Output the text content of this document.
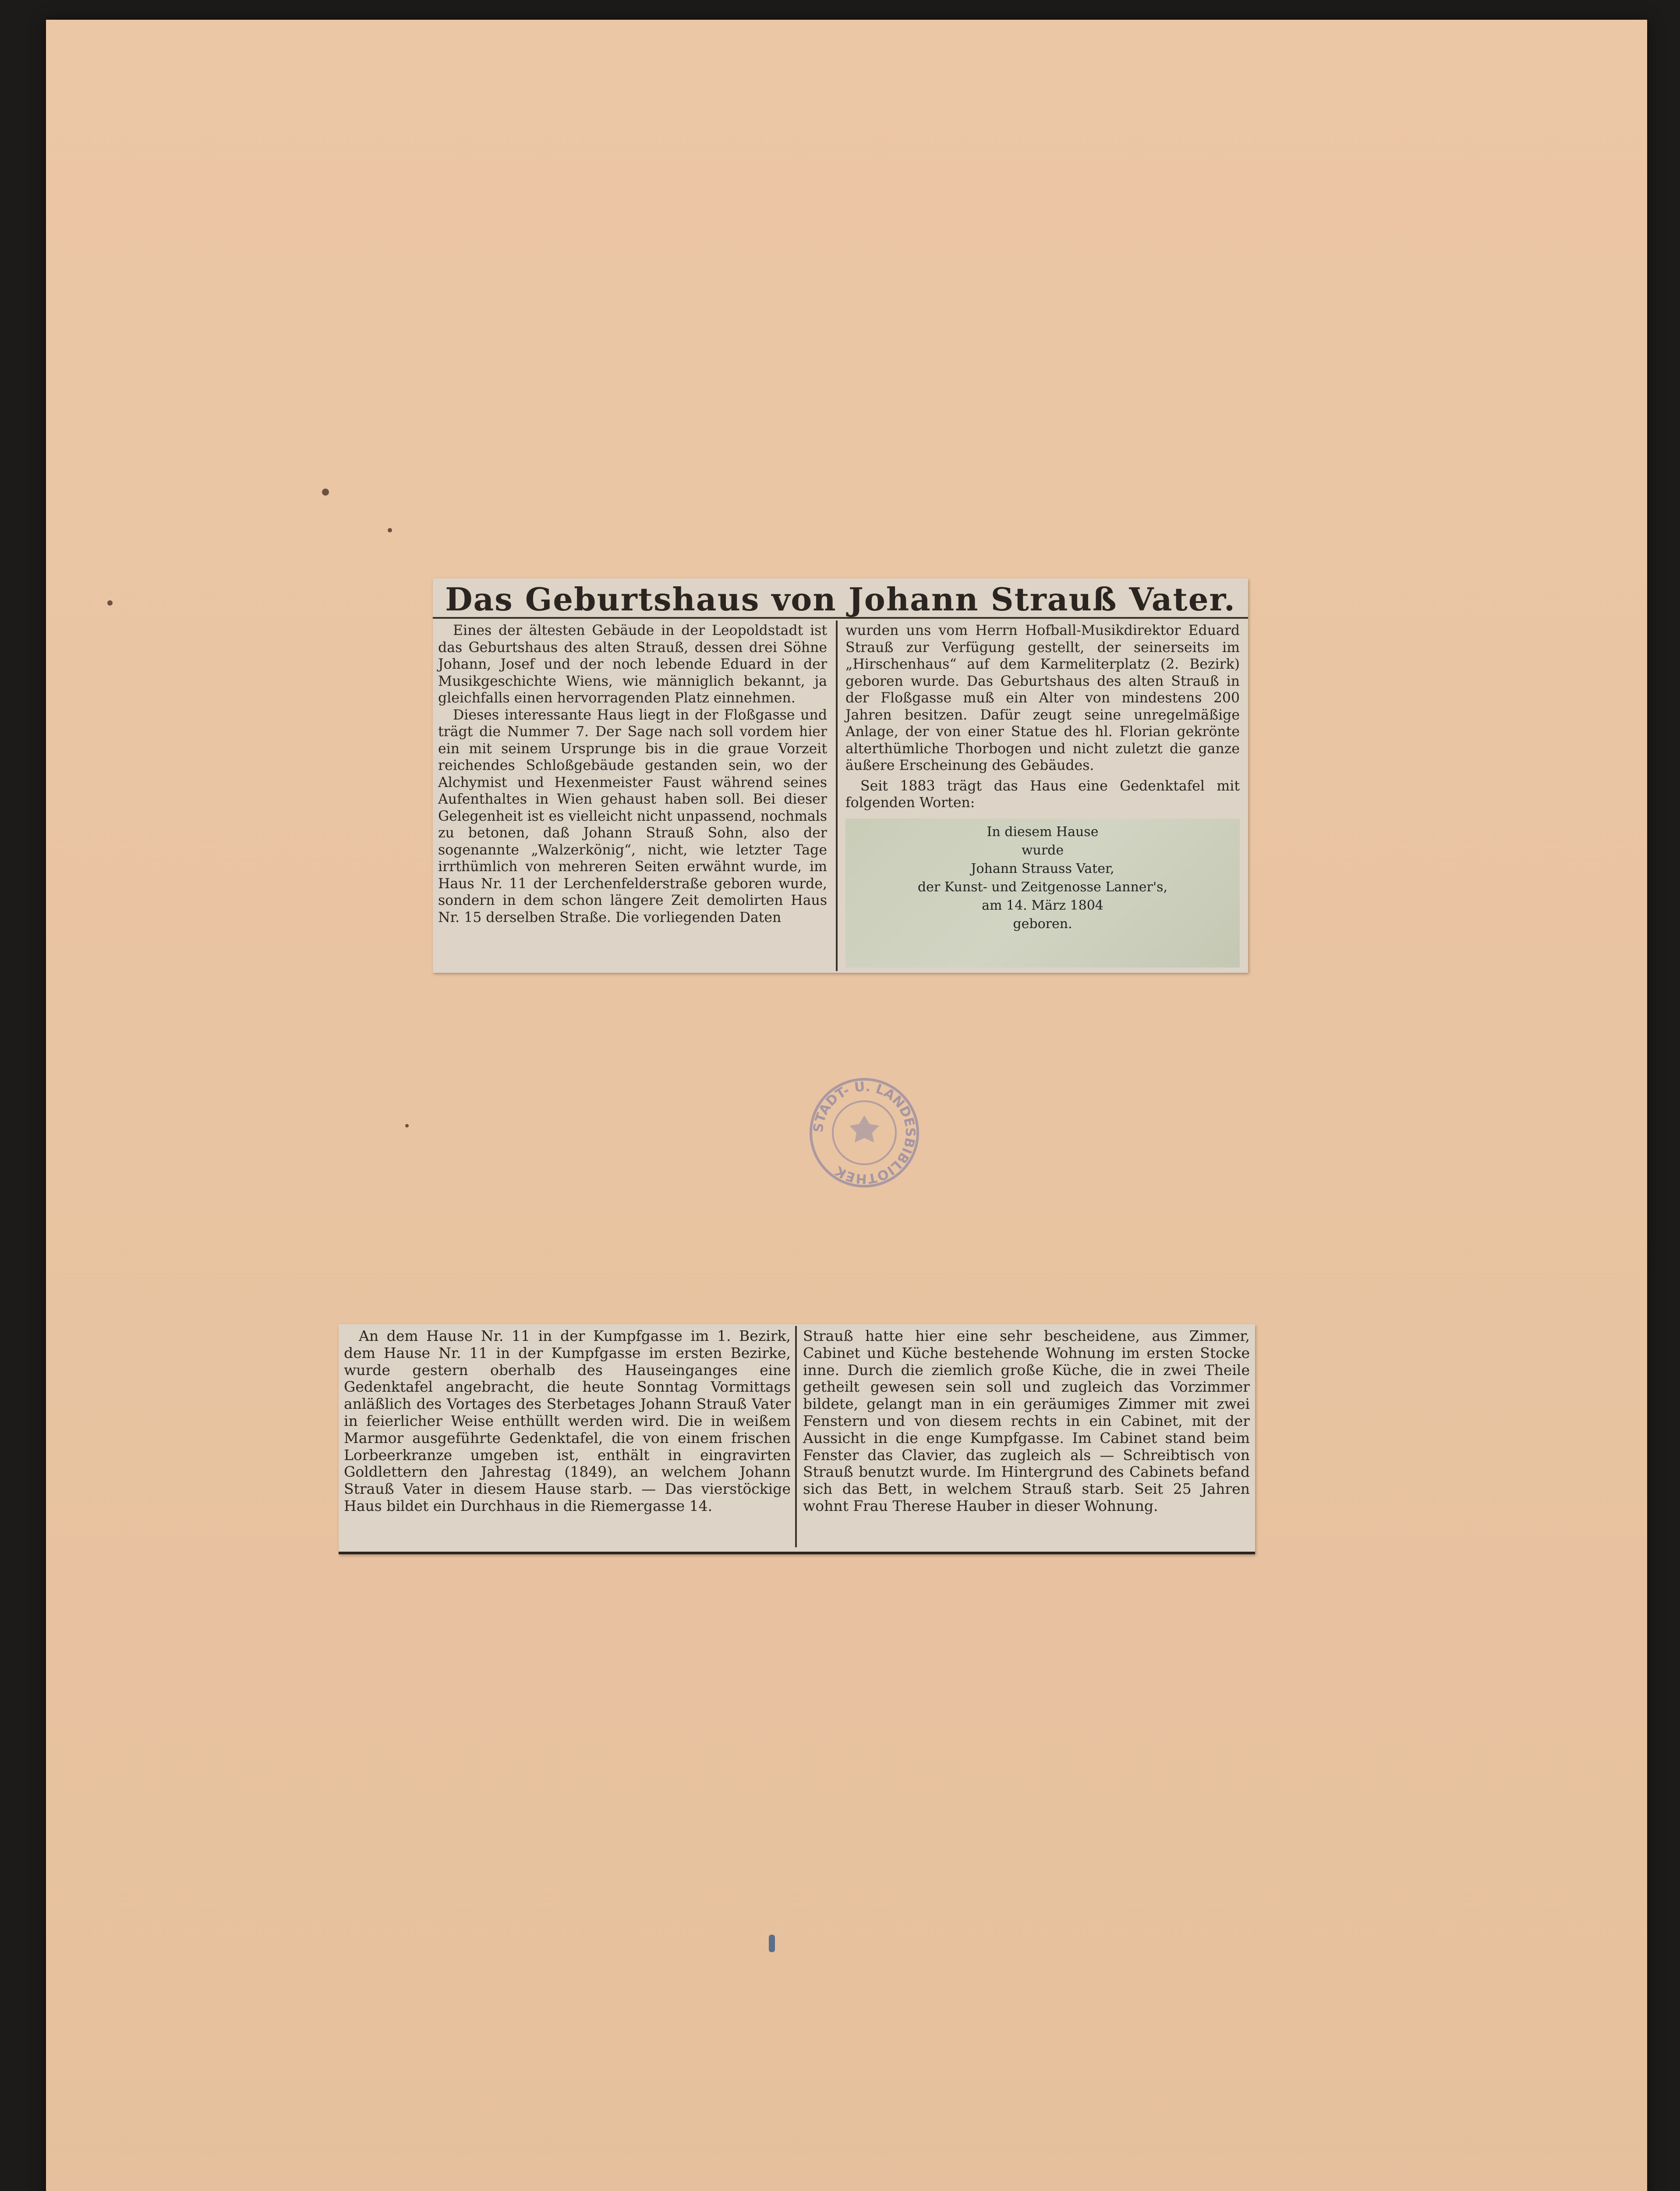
Das Geburtshaus von Johann Strauß Vater.

Eines der ältesten Gebäude in der Leopoldstadt ist das Geburtshaus des alten Strauß, dessen drei Söhne Johann, Josef und der noch lebende Eduard in der Musikgeschichte Wiens, wie männiglich bekannt, ja gleichfalls einen hervorragenden Platz einnehmen.

Dieses interessante Haus liegt in der Floßgasse und trägt die Nummer 7. Der Sage nach soll vordem hier ein mit seinem Ursprunge bis in die graue Vorzeit reichendes Schloßgebäude gestanden sein, wo der Alchymist und Hexenmeister Faust während seines Aufenthaltes in Wien gehaust haben soll. Bei dieser Gelegenheit ist es vielleicht nicht unpassend, nochmals zu betonen, daß Johann Strauß Sohn, also der sogenannte „Walzerkönig“, nicht, wie letzter Tage irrthümlich von mehreren Seiten erwähnt wurde, im Haus Nr. 11 der Lerchenfelderstraße geboren wurde, sondern in dem schon längere Zeit demolirten Haus Nr. 15 derselben Straße. Die vorliegenden Daten

wurden uns vom Herrn Hofball-Musikdirektor Eduard Strauß zur Verfügung gestellt, der seinerseits im „Hirschenhaus“ auf dem Karmeliterplatz (2. Bezirk) geboren wurde. Das Geburtshaus des alten Strauß in der Floßgasse muß ein Alter von mindestens 200 Jahren besitzen. Dafür zeugt seine unregelmäßige Anlage, der von einer Statue des hl. Florian gekrönte alterthümliche Thorbogen und nicht zuletzt die ganze äußere Erscheinung des Gebäudes.

Seit 1883 trägt das Haus eine Gedenktafel mit folgenden Worten:

In diesem Hause
wurde
Johann Strauss Vater,
der Kunst- und Zeitgenosse Lanner's,
am 14. März 1804
geboren.
STADT- U. LANDESBIBLIOTHEK

An dem Hause Nr. 11 in der Kumpfgasse im 1. Bezirk, dem Hause Nr. 11 in der Kumpfgasse im ersten Bezirke, wurde gestern oberhalb des Hauseinganges eine Gedenktafel angebracht, die heute Sonntag Vormittags anläßlich des Vortages des Sterbetages Johann Strauß Vater in feierlicher Weise enthüllt werden wird. Die in weißem Marmor ausgeführte Gedenktafel, die von einem frischen Lorbeerkranze umgeben ist, enthält in eingravirten Goldlettern den Jahrestag (1849), an welchem Johann Strauß Vater in diesem Hause starb. — Das vierstöckige Haus bildet ein Durchhaus in die Riemergasse 14.

Strauß hatte hier eine sehr bescheidene, aus Zimmer, Cabinet und Küche bestehende Wohnung im ersten Stocke inne. Durch die ziemlich große Küche, die in zwei Theile getheilt gewesen sein soll und zugleich das Vorzimmer bildete, gelangt man in ein geräumiges Zimmer mit zwei Fenstern und von diesem rechts in ein Cabinet, mit der Aussicht in die enge Kumpfgasse. Im Cabinet stand beim Fenster das Clavier, das zugleich als — Schreibtisch von Strauß benutzt wurde. Im Hintergrund des Cabinets befand sich das Bett, in welchem Strauß starb. Seit 25 Jahren wohnt Frau Therese Hauber in dieser Wohnung.
